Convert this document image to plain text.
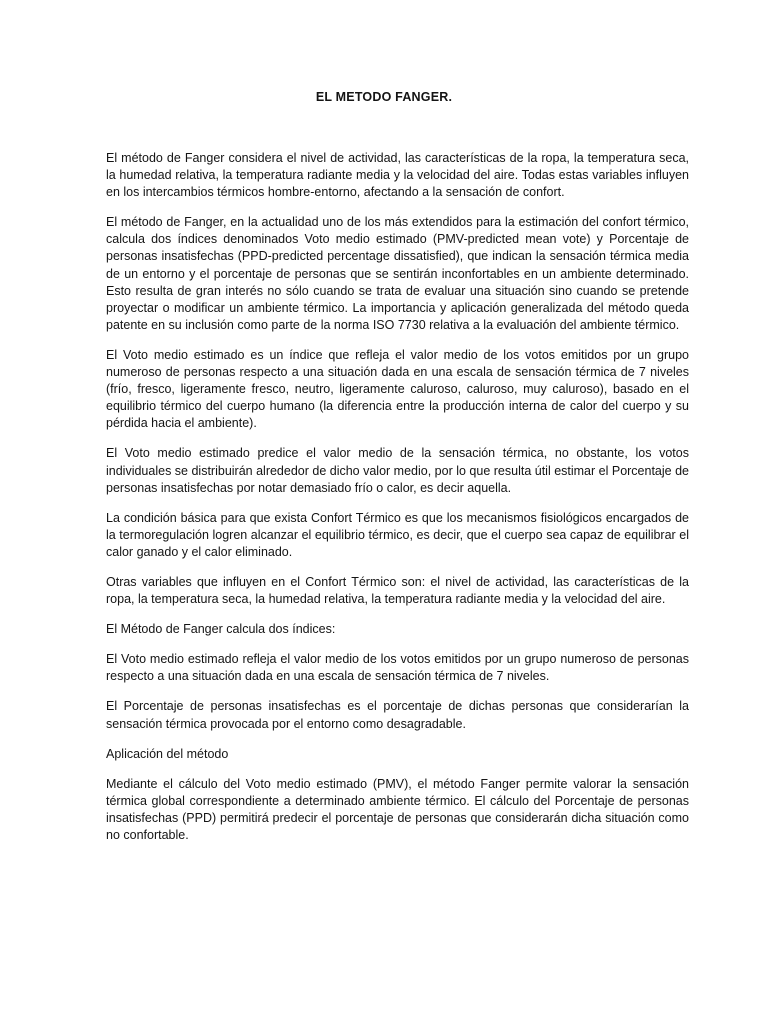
EL METODO FANGER.

El método de Fanger considera el nivel de actividad, las características de la ropa, la temperatura seca, la humedad relativa, la temperatura radiante media y la velocidad del aire. Todas estas variables influyen en los intercambios térmicos hombre-entorno, afectando a la sensación de confort.

El método de Fanger, en la actualidad uno de los más extendidos para la estimación del confort térmico, calcula dos índices denominados Voto medio estimado (PMV-predicted mean vote) y Porcentaje de personas insatisfechas (PPD-predicted percentage dissatisfied), que indican la sensación térmica media de un entorno y el porcentaje de personas que se sentirán inconfortables en un ambiente determinado. Esto resulta de gran interés no sólo cuando se trata de evaluar una situación sino cuando se pretende proyectar o modificar un ambiente térmico. La importancia y aplicación generalizada del método queda patente en su inclusión como parte de la norma ISO 7730 relativa a la evaluación del ambiente térmico.

El Voto medio estimado es un índice que refleja el valor medio de los votos emitidos por un grupo numeroso de personas respecto a una situación dada en una escala de sensación térmica de 7 niveles (frío, fresco, ligeramente fresco, neutro, ligeramente caluroso, caluroso, muy caluroso), basado en el equilibrio térmico del cuerpo humano (la diferencia entre la producción interna de calor del cuerpo y su pérdida hacia el ambiente).

El Voto medio estimado predice el valor medio de la sensación térmica, no obstante, los votos individuales se distribuirán alrededor de dicho valor medio, por lo que resulta útil estimar el Porcentaje de personas insatisfechas por notar demasiado frío o calor, es decir aquella.

La condición básica para que exista Confort Térmico es que los mecanismos fisiológicos encargados de la termoregulación logren alcanzar el equilibrio térmico, es decir, que el cuerpo sea capaz de equilibrar el calor ganado y el calor eliminado.

Otras variables que influyen en el Confort Térmico son: el nivel de actividad, las características de la ropa, la temperatura seca, la humedad relativa, la temperatura radiante media y la velocidad del aire.

El Método de Fanger calcula dos índices:

El Voto medio estimado refleja el valor medio de los votos emitidos por un grupo numeroso de personas respecto a una situación dada en una escala de sensación térmica de 7 niveles.

El Porcentaje de personas insatisfechas es el porcentaje de dichas personas que considerarían la sensación térmica provocada por el entorno como desagradable.

Aplicación del método

Mediante el cálculo del Voto medio estimado (PMV), el método Fanger permite valorar la sensación térmica global correspondiente a determinado ambiente térmico. El cálculo del Porcentaje de personas insatisfechas (PPD) permitirá predecir el porcentaje de personas que considerarán dicha situación como no confortable.
